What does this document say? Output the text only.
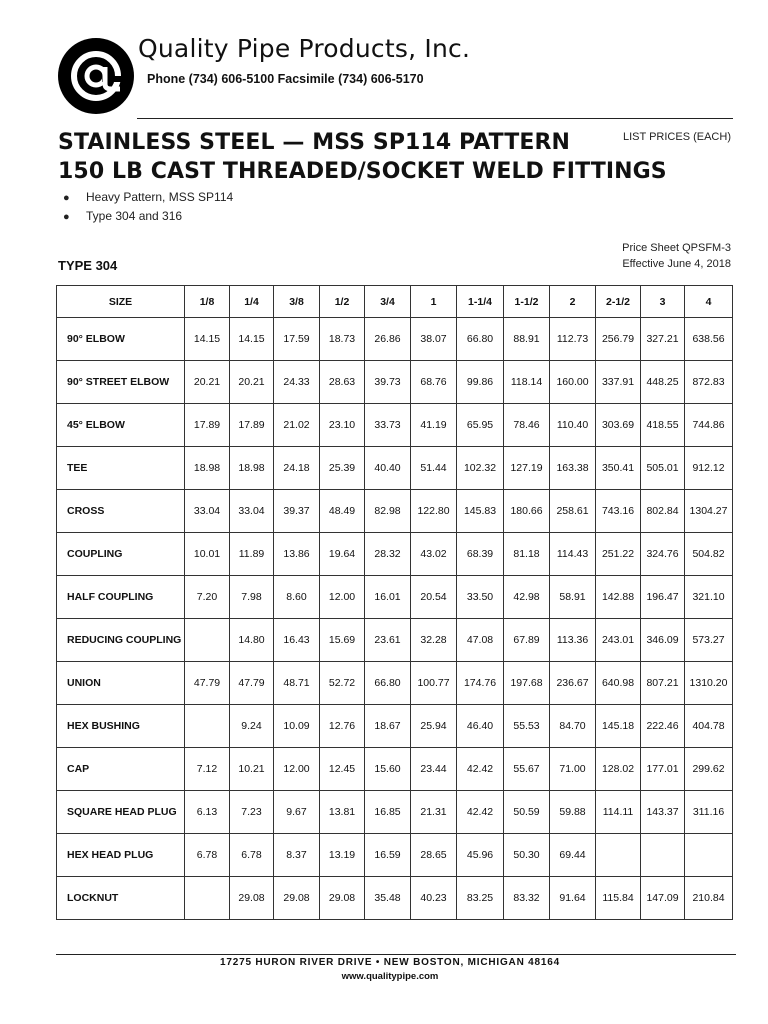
Quality Pipe Products, Inc.
Phone (734) 606-5100 Facsimile (734) 606-5170
STAINLESS STEEL — MSS SP114 PATTERN
150 LB CAST THREADED/SOCKET WELD FITTINGS
LIST PRICES (EACH)
● Heavy Pattern, MSS SP114
● Type 304 and 316
Price Sheet QPSFM-3
Effective June 4, 2018
TYPE 304
SIZE	1/8	1/4	3/8	1/2	3/4	1	1-1/4	1-1/2	2	2-1/2	3	4
90° ELBOW	14.15	14.15	17.59	18.73	26.86	38.07	66.80	88.91	112.73	256.79	327.21	638.56
90° STREET ELBOW	20.21	20.21	24.33	28.63	39.73	68.76	99.86	118.14	160.00	337.91	448.25	872.83
45° ELBOW	17.89	17.89	21.02	23.10	33.73	41.19	65.95	78.46	110.40	303.69	418.55	744.86
TEE	18.98	18.98	24.18	25.39	40.40	51.44	102.32	127.19	163.38	350.41	505.01	912.12
CROSS	33.04	33.04	39.37	48.49	82.98	122.80	145.83	180.66	258.61	743.16	802.84	1304.27
COUPLING	10.01	11.89	13.86	19.64	28.32	43.02	68.39	81.18	114.43	251.22	324.76	504.82
HALF COUPLING	7.20	7.98	8.60	12.00	16.01	20.54	33.50	42.98	58.91	142.88	196.47	321.10
REDUCING COUPLING		14.80	16.43	15.69	23.61	32.28	47.08	67.89	113.36	243.01	346.09	573.27
UNION	47.79	47.79	48.71	52.72	66.80	100.77	174.76	197.68	236.67	640.98	807.21	1310.20
HEX BUSHING		9.24	10.09	12.76	18.67	25.94	46.40	55.53	84.70	145.18	222.46	404.78
CAP	7.12	10.21	12.00	12.45	15.60	23.44	42.42	55.67	71.00	128.02	177.01	299.62
SQUARE HEAD PLUG	6.13	7.23	9.67	13.81	16.85	21.31	42.42	50.59	59.88	114.11	143.37	311.16
HEX HEAD PLUG	6.78	6.78	8.37	13.19	16.59	28.65	45.96	50.30	69.44			
LOCKNUT		29.08	29.08	29.08	35.48	40.23	83.25	83.32	91.64	115.84	147.09	210.84
17275 HURON RIVER DRIVE • NEW BOSTON, MICHIGAN 48164
www.qualitypipe.com
